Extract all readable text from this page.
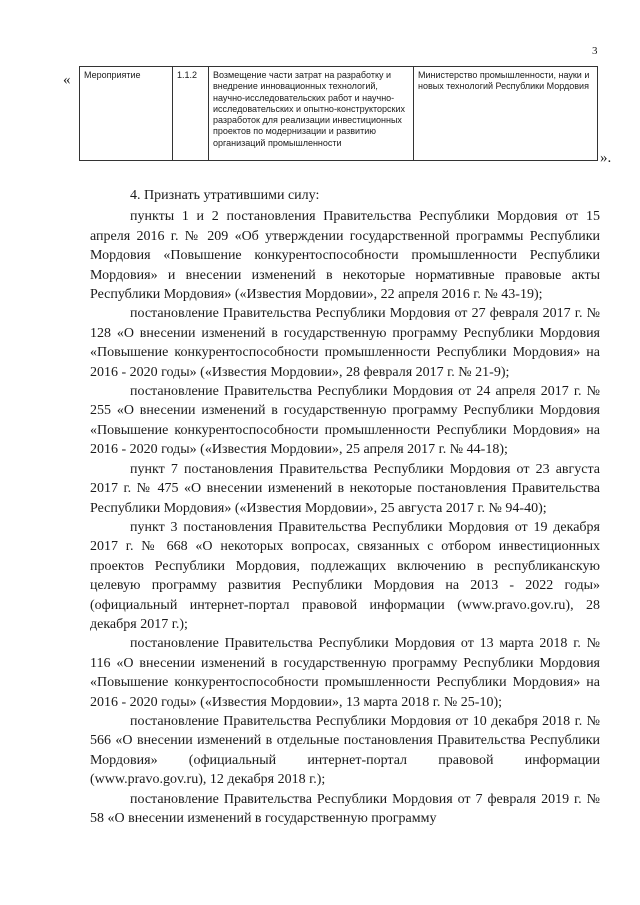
3
« Мероприятие	1.1.2	Возмещение части затрат на разработку и внедрение инновационных технологий, научно-исследовательских работ и научно-исследовательских и опытно-конструкторских разработок для реализации инвестиционных проектов по модернизации и развитию организаций промышленности	Министерство промышленности, науки и новых технологий Республики Мордовия
».

4. Признать утратившими силу:

пункты 1 и 2 постановления Правительства Республики Мордовия от 15 апреля 2016 г. № 209 «Об утверждении государственной программы Республики Мордовия «Повышение конкурентоспособности промышленности Республики Мордовия» и внесении изменений в некоторые нормативные правовые акты Республики Мордовия» («Известия Мордовии», 22 апреля 2016 г. № 43-19);

постановление Правительства Республики Мордовия от 27 февраля 2017 г. № 128 «О внесении изменений в государственную программу Республики Мордовия «Повышение конкурентоспособности промышленности Республики Мордовия» на 2016 - 2020 годы» («Известия Мордовии», 28 февраля 2017 г. № 21-9);

постановление Правительства Республики Мордовия от 24 апреля 2017 г. № 255 «О внесении изменений в государственную программу Республики Мордовия «Повышение конкурентоспособности промышленности Республики Мордовия» на 2016 - 2020 годы» («Известия Мордовии», 25 апреля 2017 г. № 44-18);

пункт 7 постановления Правительства Республики Мордовия от 23 августа 2017 г. № 475 «О внесении изменений в некоторые постановления Правительства Республики Мордовия» («Известия Мордовии», 25 августа 2017 г. № 94-40);

пункт 3 постановления Правительства Республики Мордовия от 19 декабря 2017 г. № 668 «О некоторых вопросах, связанных с отбором инвестиционных проектов Республики Мордовия, подлежащих включению в республиканскую целевую программу развития Республики Мордовия на 2013 - 2022 годы» (официальный интернет-портал правовой информации (www.pravo.gov.ru), 28 декабря 2017 г.);

постановление Правительства Республики Мордовия от 13 марта 2018 г. № 116 «О внесении изменений в государственную программу Республики Мордовия «Повышение конкурентоспособности промышленности Республики Мордовия» на 2016 - 2020 годы» («Известия Мордовии», 13 марта 2018 г. № 25-10);

постановление Правительства Республики Мордовия от 10 декабря 2018 г. № 566 «О внесении изменений в отдельные постановления Правительства Республики Мордовия» (официальный интернет-портал правовой информации (www.pravo.gov.ru), 12 декабря 2018 г.);

постановление Правительства Республики Мордовия от 7 февраля 2019 г. № 58 «О внесении изменений в государственную программу
